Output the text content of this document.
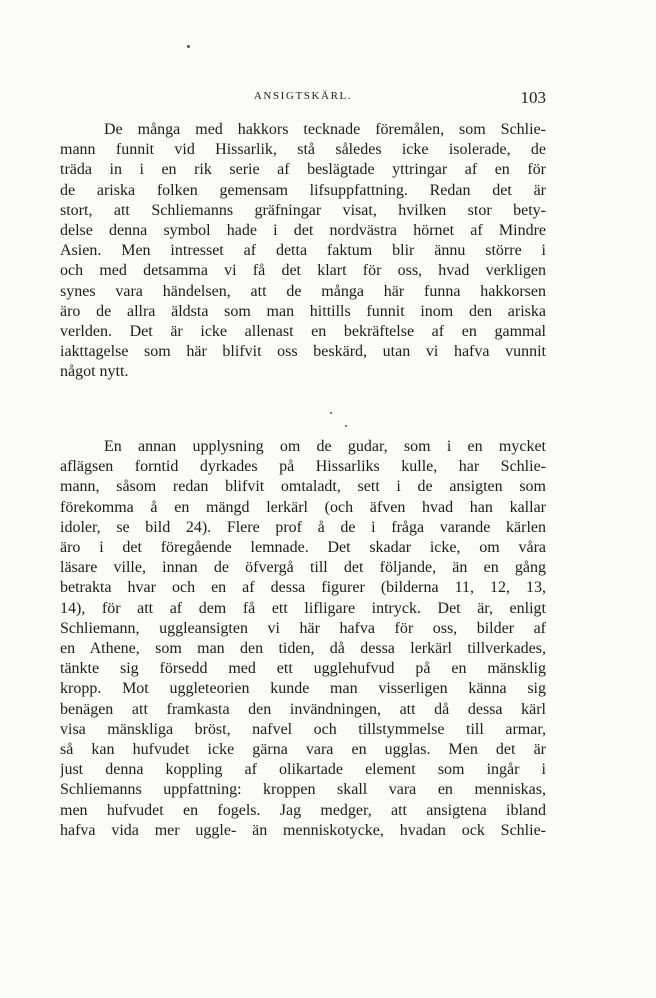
ANSIGTSKÄRL.	103
De många med hakkors tecknade föremålen, som Schlie-
mann funnit vid Hissarlik, stå således icke isolerade, de
träda in i en rik serie af beslägtade yttringar af en för
de ariska folken gemensam lifsuppfattning. Redan det är
stort, att Schliemanns gräfningar visat, hvilken stor bety-
delse denna symbol hade i det nordvästra hörnet af Mindre
Asien. Men intresset af detta faktum blir ännu större i
och med detsamma vi få det klart för oss, hvad verkligen
synes vara händelsen, att de många här funna hakkorsen
äro de allra äldsta som man hittills funnit inom den ariska
verlden. Det är icke allenast en bekräftelse af en gammal
iakttagelse som här blifvit oss beskärd, utan vi hafva vunnit
något nytt.
En annan upplysning om de gudar, som i en mycket
aflägsen forntid dyrkades på Hissarliks kulle, har Schlie-
mann, såsom redan blifvit omtaladt, sett i de ansigten som
förekomma å en mängd lerkärl (och äfven hvad han kallar
idoler, se bild 24). Flere prof å de i fråga varande kärlen
äro i det föregående lemnade. Det skadar icke, om våra
läsare ville, innan de öfvergå till det följande, än en gång
betrakta hvar och en af dessa figurer (bilderna 11, 12, 13,
14), för att af dem få ett lifligare intryck. Det är, enligt
Schliemann, uggleansigten vi här hafva för oss, bilder af
en Athene, som man den tiden, då dessa lerkärl tillverkades,
tänkte sig försedd med ett ugglehufvud på en mänsklig
kropp. Mot uggleteorien kunde man visserligen känna sig
benägen att framkasta den invändningen, att då dessa kärl
visa mänskliga bröst, nafvel och tillstymmelse till armar,
så kan hufvudet icke gärna vara en ugglas. Men det är
just denna koppling af olikartade element som ingår i
Schliemanns uppfattning: kroppen skall vara en menniskas,
men hufvudet en fogels. Jag medger, att ansigtena ibland
hafva vida mer uggle- än menniskotycke, hvadan ock Schlie-
